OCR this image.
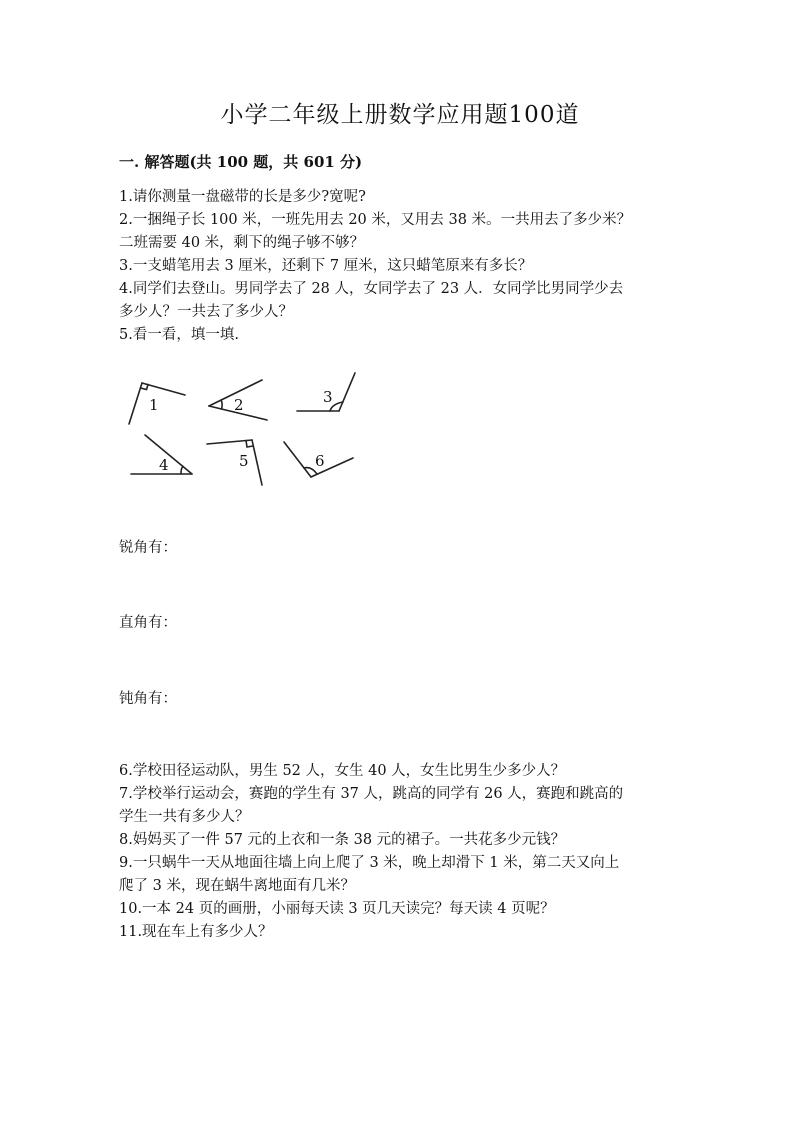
小学二年级上册数学应用题100道
一. 解答题(共 100 题，共 601 分)
1.请你测量一盘磁带的长是多少?宽呢?
2.一捆绳子长 100 米，一班先用去 20 米，又用去 38 米。一共用去了多少米？
二班需要 40 米，剩下的绳子够不够？
3.一支蜡笔用去 3 厘米，还剩下 7 厘米，这只蜡笔原来有多长？
4.同学们去登山。男同学去了 28 人，女同学去了 23 人．女同学比男同学少去
多少人？一共去了多少人？
5.看一看，填一填.
1	2	3
4	5	6
锐角有：
直角有：
钝角有：
6.学校田径运动队，男生 52 人，女生 40 人，女生比男生少多少人？
7.学校举行运动会，赛跑的学生有 37 人，跳高的同学有 26 人，赛跑和跳高的
学生一共有多少人？
8.妈妈买了一件 57 元的上衣和一条 38 元的裙子。一共花多少元钱？
9.一只蜗牛一天从地面往墙上向上爬了 3 米，晚上却滑下 1 米，第二天又向上
爬了 3 米，现在蜗牛离地面有几米？
10.一本 24 页的画册，小丽每天读 3 页几天读完？每天读 4 页呢？
11.现在车上有多少人？
